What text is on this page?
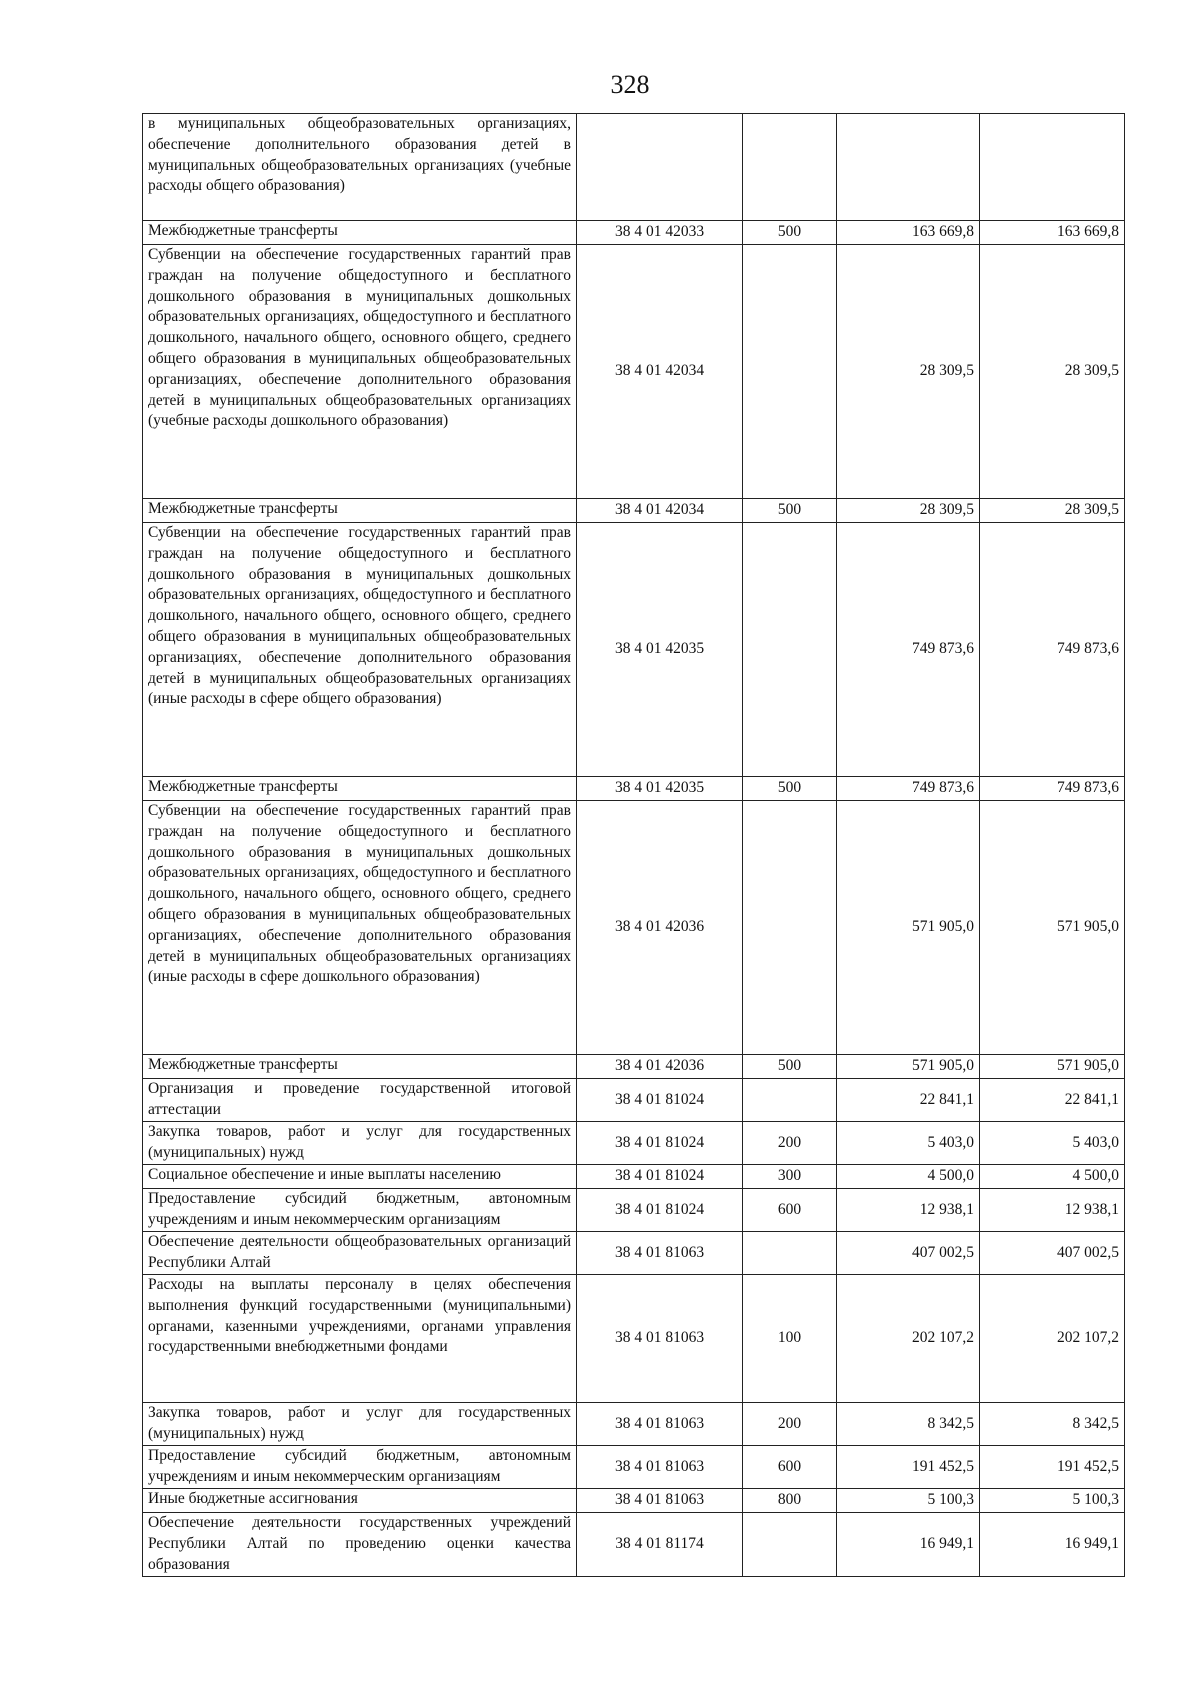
328
в муниципальных общеобразовательных организациях, обеспечение дополнительного образования детей в муниципальных общеобразовательных организациях (учебные расходы общего образования)				
Межбюджетные трансферты	38 4 01 42033	500	163 669,8	163 669,8
Субвенции на обеспечение государственных гарантий прав граждан на получение общедоступного и бесплатного дошкольного образования в муниципальных дошкольных образовательных организациях, общедоступного и бесплатного дошкольного, начального общего, основного общего, среднего общего образования в муниципальных общеобразовательных организациях, обеспечение дополнительного образования детей в муниципальных общеобразовательных организациях (учебные расходы дошкольного образования)	38 4 01 42034		28 309,5	28 309,5
Межбюджетные трансферты	38 4 01 42034	500	28 309,5	28 309,5
Субвенции на обеспечение государственных гарантий прав граждан на получение общедоступного и бесплатного дошкольного образования в муниципальных дошкольных образовательных организациях, общедоступного и бесплатного дошкольного, начального общего, основного общего, среднего общего образования в муниципальных общеобразовательных организациях, обеспечение дополнительного образования детей в муниципальных общеобразовательных организациях (иные расходы в сфере общего образования)	38 4 01 42035		749 873,6	749 873,6
Межбюджетные трансферты	38 4 01 42035	500	749 873,6	749 873,6
Субвенции на обеспечение государственных гарантий прав граждан на получение общедоступного и бесплатного дошкольного образования в муниципальных дошкольных образовательных организациях, общедоступного и бесплатного дошкольного, начального общего, основного общего, среднего общего образования в муниципальных общеобразовательных организациях, обеспечение дополнительного образования детей в муниципальных общеобразовательных организациях (иные расходы в сфере дошкольного образования)	38 4 01 42036		571 905,0	571 905,0
Межбюджетные трансферты	38 4 01 42036	500	571 905,0	571 905,0
Организация и проведение государственной итоговой аттестации	38 4 01 81024		22 841,1	22 841,1
Закупка товаров, работ и услуг для государственных (муниципальных) нужд	38 4 01 81024	200	5 403,0	5 403,0
Социальное обеспечение и иные выплаты населению	38 4 01 81024	300	4 500,0	4 500,0
Предоставление субсидий бюджетным, автономным учреждениям и иным некоммерческим организациям	38 4 01 81024	600	12 938,1	12 938,1
Обеспечение деятельности общеобразовательных организаций Республики Алтай	38 4 01 81063		407 002,5	407 002,5
Расходы на выплаты персоналу в целях обеспечения выполнения функций государственными (муниципальными) органами, казенными учреждениями, органами управления государственными внебюджетными фондами	38 4 01 81063	100	202 107,2	202 107,2
Закупка товаров, работ и услуг для государственных (муниципальных) нужд	38 4 01 81063	200	8 342,5	8 342,5
Предоставление субсидий бюджетным, автономным учреждениям и иным некоммерческим организациям	38 4 01 81063	600	191 452,5	191 452,5
Иные бюджетные ассигнования	38 4 01 81063	800	5 100,3	5 100,3
Обеспечение деятельности государственных учреждений Республики Алтай по проведению оценки качества образования	38 4 01 81174		16 949,1	16 949,1
